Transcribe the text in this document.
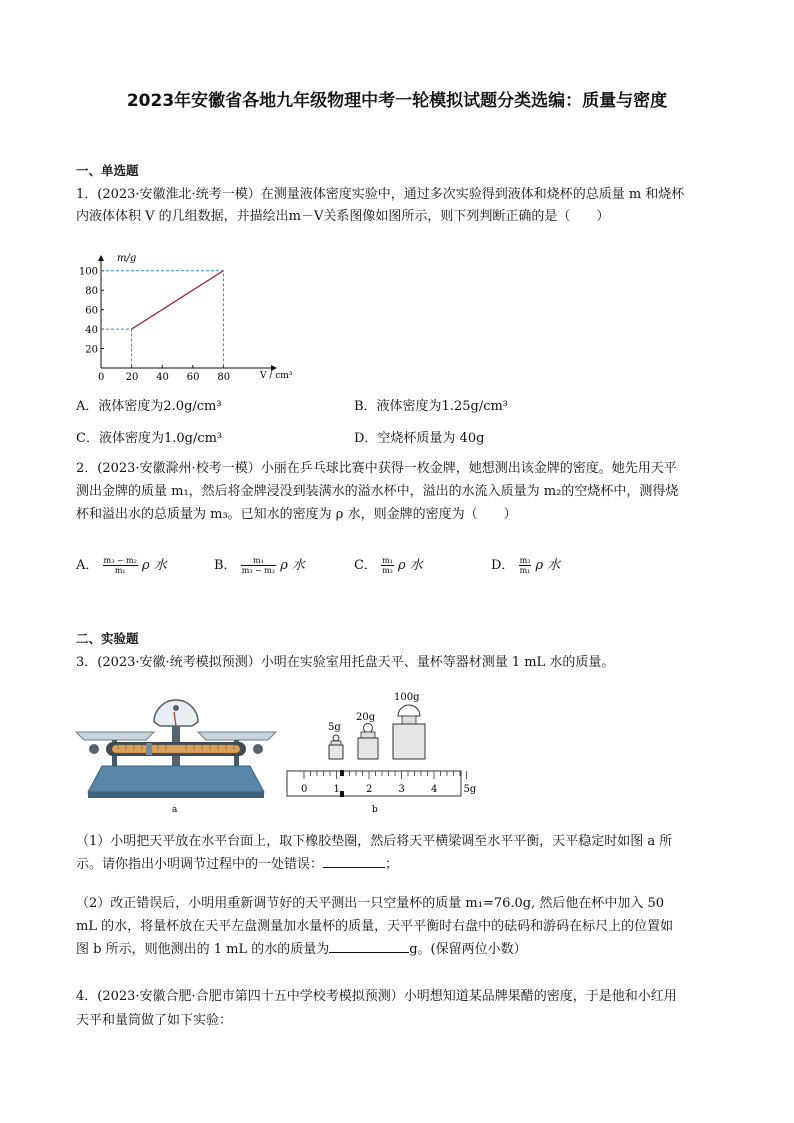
2023年安徽省各地九年级物理中考一轮模拟试题分类选编：质量与密度
一、单选题
1．(2023·安徽淮北·统考一模）在测量液体密度实验中，通过多次实验得到液体和烧杯的总质量 m 和烧杯
内液体体积 V 的几组数据，并描绘出m－V关系图像如图所示，则下列判断正确的是（　　）
m/g
V / cm³
0 20 40 60 80
20
40
60
80
100
A．液体密度为2.0g/cm³	B．液体密度为1.25g/cm³
C．液体密度为1.0g/cm³	D．空烧杯质量为 40g
2．(2023·安徽滁州·校考一模）小丽在乒乓球比赛中获得一枚金牌，她想测出该金牌的密度。她先用天平
测出金牌的质量 m₁，然后将金牌浸没到装满水的溢水杯中，溢出的水流入质量为 m₂的空烧杯中，测得烧
杯和溢出水的总质量为 m₃。已知水的密度为 ρ 水，则金牌的密度为（　　）
A． $\frac{\text{m₃ − m₂}}{\text{m₁}}$ ρ 水	B． $\frac{\text{m₁}}{\text{m₃ − m₂}}$ ρ 水	C． $\frac{\text{m₁}}{\text{m₃}}$ ρ 水	D． $\frac{\text{m₃}}{\text{m₁}}$ ρ 水
二、实验题
3．(2023·安徽·统考模拟预测）小明在实验室用托盘天平、量杯等器材测量 1 mL 水的质量。
a
5g
20g
100g
0	1	2	3	4	5g
b
（1）小明把天平放在水平台面上，取下橡胶垫圈，然后将天平横梁调至水平平衡，天平稳定时如图 a 所
示。请你指出小明调节过程中的一处错误：	；
（2）改正错误后，小明用重新调节好的天平测出一只空量杯的质量 m₁=76.0g, 然后他在杯中加入 50
mL 的水，将量杯放在天平左盘测量加水量杯的质量，天平平衡时右盘中的砝码和游码在标尺上的位置如
图 b 所示，则他测出的 1 mL 的水的质量为	g。(保留两位小数）
4．(2023·安徽合肥·合肥市第四十五中学校考模拟预测）小明想知道某品牌果醋的密度，于是他和小红用
天平和量筒做了如下实验：
